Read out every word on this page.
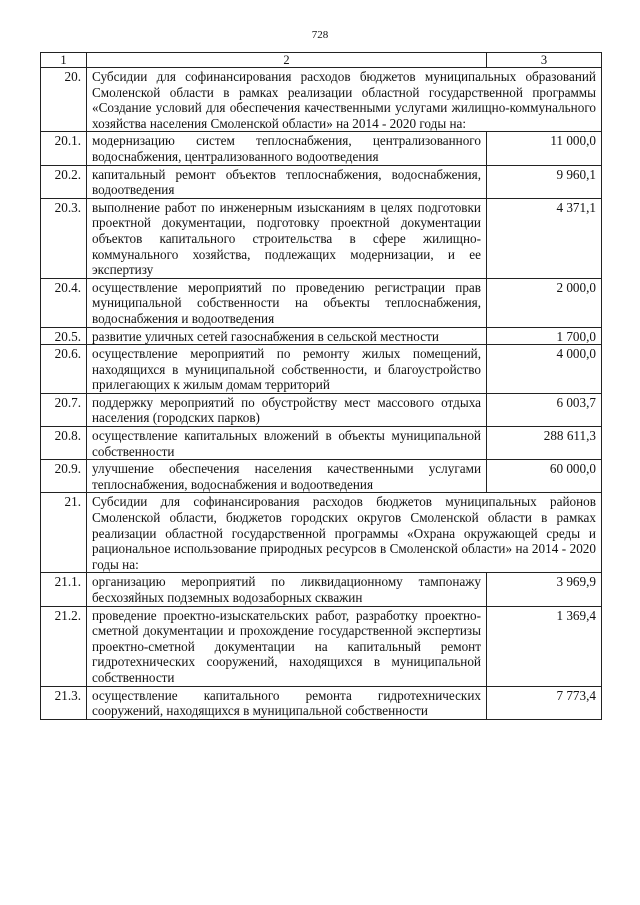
728
1	2	3
20.	Субсидии для софинансирования расходов бюджетов муниципальных образований Смоленской области в рамках реализации областной государственной программы «Создание условий для обеспечения качественными услугами жилищно-коммунального хозяйства населения Смоленской области» на 2014 - 2020 годы на:	
20.1.	модернизацию систем теплоснабжения, централизованного водоснабжения, централизованного водоотведения	11 000,0
20.2.	капитальный ремонт объектов теплоснабжения, водоснабжения, водоотведения	9 960,1
20.3.	выполнение работ по инженерным изысканиям в целях подготовки проектной документации, подготовку проектной документации объектов капитального строительства в сфере жилищно-коммунального хозяйства, подлежащих модернизации, и ее экспертизу	4 371,1
20.4.	осуществление мероприятий по проведению регистрации прав муниципальной собственности на объекты теплоснабжения, водоснабжения и водоотведения	2 000,0
20.5.	развитие уличных сетей газоснабжения в сельской местности	1 700,0
20.6.	осуществление мероприятий по ремонту жилых помещений, находящихся в муниципальной собственности, и благоустройство прилегающих к жилым домам территорий	4 000,0
20.7.	поддержку мероприятий по обустройству мест массового отдыха населения (городских парков)	6 003,7
20.8.	осуществление капитальных вложений в объекты муниципальной собственности	288 611,3
20.9.	улучшение обеспечения населения качественными услугами теплоснабжения, водоснабжения и водоотведения	60 000,0
21.	Субсидии для софинансирования расходов бюджетов муниципальных районов Смоленской области, бюджетов городских округов Смоленской области в рамках реализации областной государственной программы «Охрана окружающей среды и рациональное использование природных ресурсов в Смоленской области» на 2014 - 2020 годы на:	
21.1.	организацию мероприятий по ликвидационному тампонажу бесхозяйных подземных водозаборных скважин	3 969,9
21.2.	проведение проектно-изыскательских работ, разработку проектно-сметной документации и прохождение государственной экспертизы проектно-сметной документации на капитальный ремонт гидротехнических сооружений, находящихся в муниципальной собственности	1 369,4
21.3.	осуществление капитального ремонта гидротехнических сооружений, находящихся в муниципальной собственности	7 773,4
